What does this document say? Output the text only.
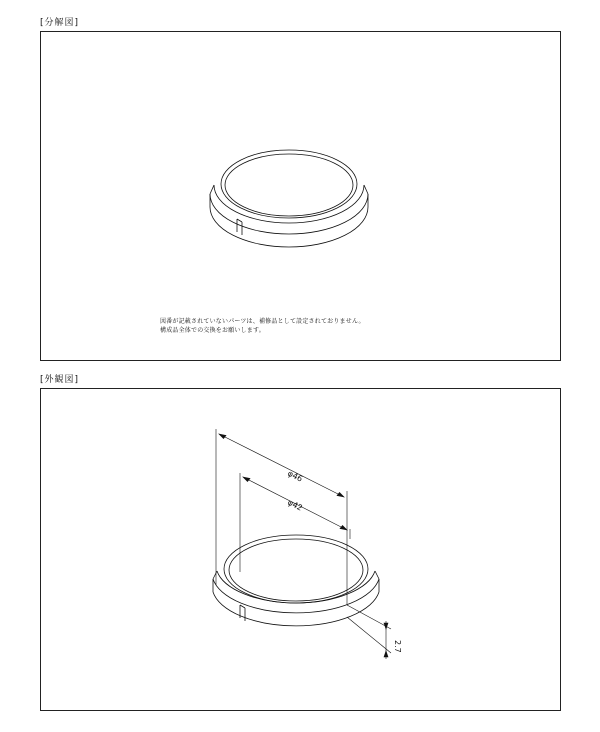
[分解図]
図番が記載されていないパーツは、補修品として設定されておりません。
構成品全体での交換をお願いします。
[外観図]
φ46
φ42
2.7
